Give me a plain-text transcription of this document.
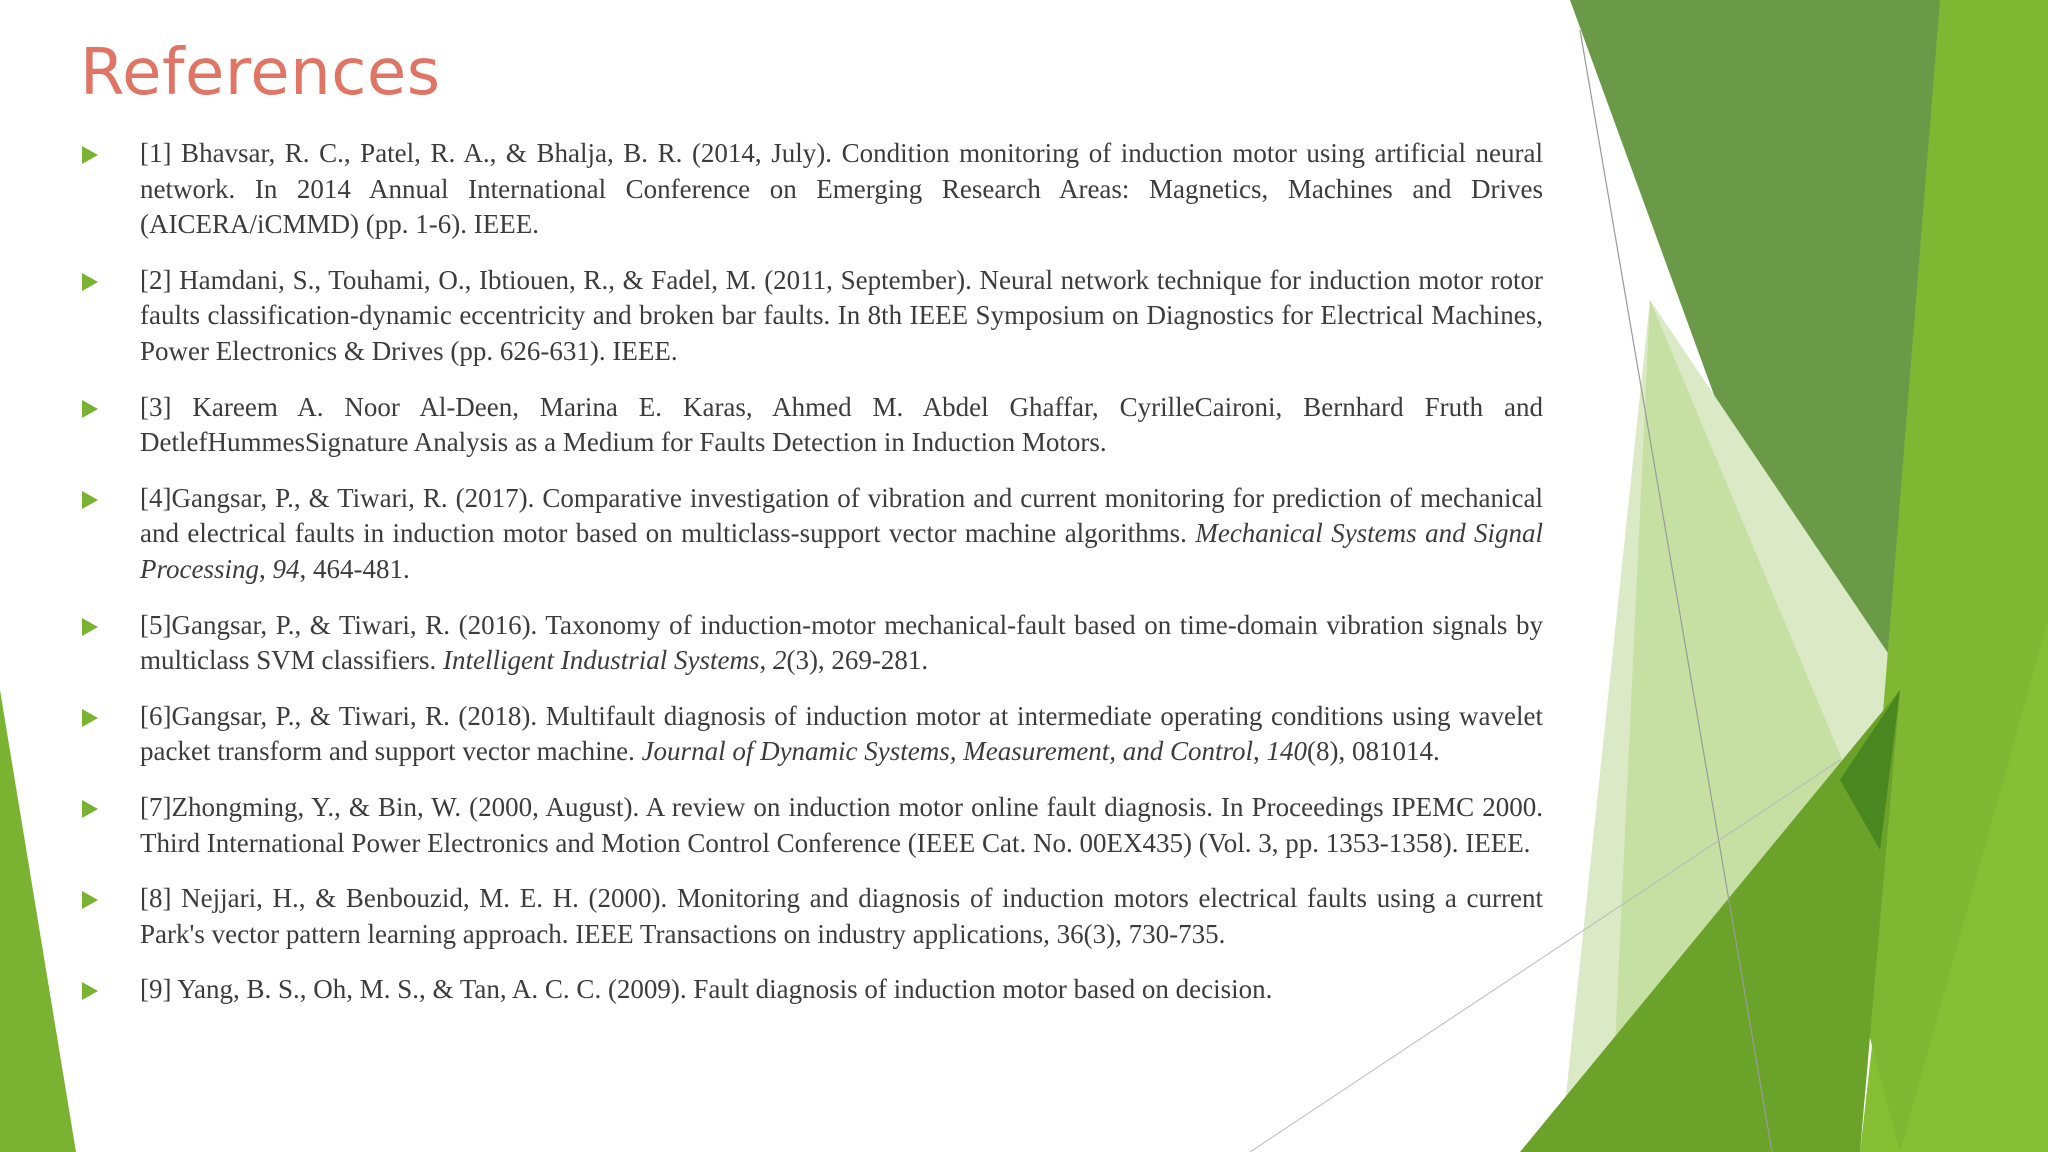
References
[1] Bhavsar, R. C., Patel, R. A., & Bhalja, B. R. (2014, July). Condition monitoring of induction motor using artificial neural network. In 2014 Annual International Conference on Emerging Research Areas: Magnetics, Machines and Drives (AICERA/iCMMD) (pp. 1-6). IEEE.
[2] Hamdani, S., Touhami, O., Ibtiouen, R., & Fadel, M. (2011, September). Neural network technique for induction motor rotor faults classification-dynamic eccentricity and broken bar faults. In 8th IEEE Symposium on Diagnostics for Electrical Machines, Power Electronics & Drives (pp. 626-631). IEEE.
[3] Kareem A. Noor Al-Deen, Marina E. Karas, Ahmed M. Abdel Ghaffar, CyrilleCaironi, Bernhard Fruth and DetlefHummesSignature Analysis as a Medium for Faults Detection in Induction Motors.
[4]Gangsar, P., & Tiwari, R. (2017). Comparative investigation of vibration and current monitoring for prediction of mechanical and electrical faults in induction motor based on multiclass-support vector machine algorithms. Mechanical Systems and Signal Processing, 94, 464-481.
[5]Gangsar, P., & Tiwari, R. (2016). Taxonomy of induction-motor mechanical-fault based on time-domain vibration signals by multiclass SVM classifiers. Intelligent Industrial Systems, 2(3), 269-281.
[6]Gangsar, P., & Tiwari, R. (2018). Multifault diagnosis of induction motor at intermediate operating conditions using wavelet packet transform and support vector machine. Journal of Dynamic Systems, Measurement, and Control, 140(8), 081014.
[7]Zhongming, Y., & Bin, W. (2000, August). A review on induction motor online fault diagnosis. In Proceedings IPEMC 2000. Third International Power Electronics and Motion Control Conference (IEEE Cat. No. 00EX435) (Vol. 3, pp. 1353-1358). IEEE.
[8] Nejjari, H., & Benbouzid, M. E. H. (2000). Monitoring and diagnosis of induction motors electrical faults using a current Park's vector pattern learning approach. IEEE Transactions on industry applications, 36(3), 730-735.
[9] Yang, B. S., Oh, M. S., & Tan, A. C. C. (2009). Fault diagnosis of induction motor based on decision.
